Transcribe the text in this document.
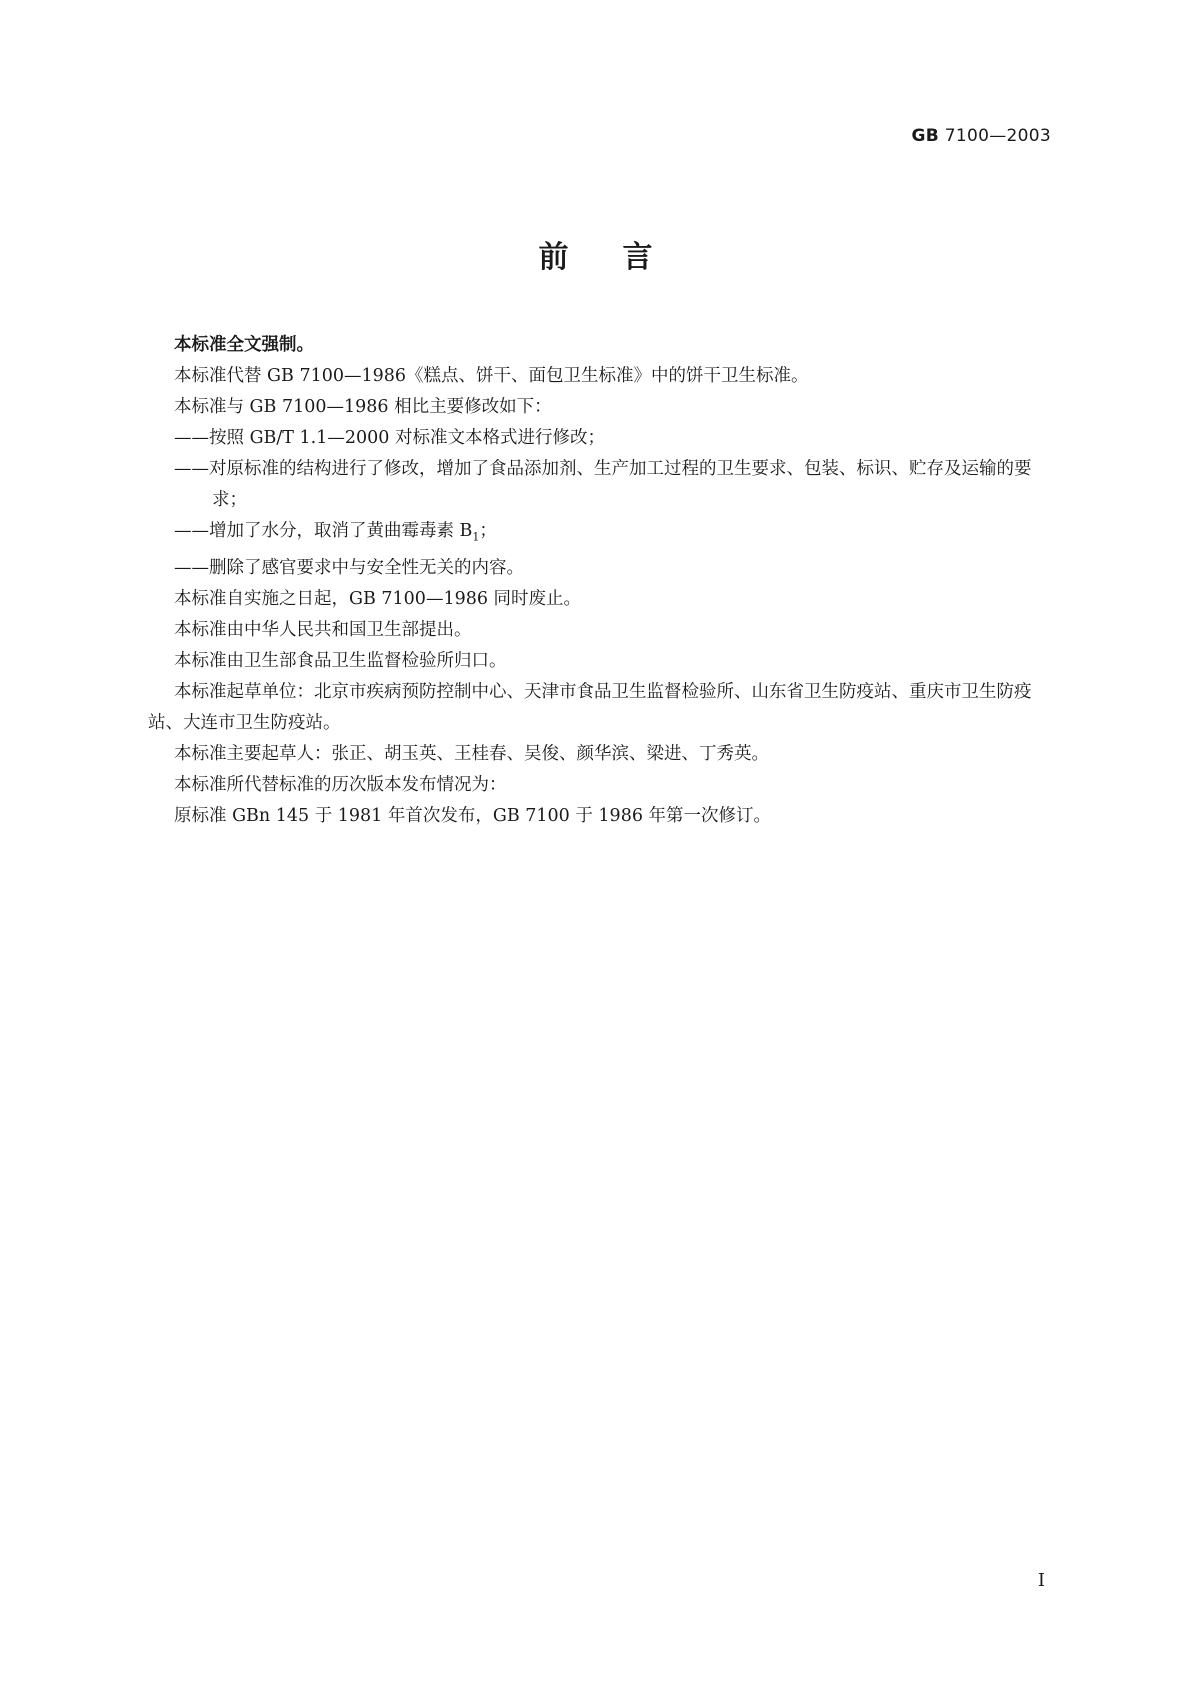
GB 7100—2003
前言

本标准全文强制。

本标准代替 GB 7100—1986《糕点、饼干、面包卫生标准》中的饼干卫生标准。

本标准与 GB 7100—1986 相比主要修改如下：

——按照 GB/T 1.1—2000 对标准文本格式进行修改；

——对原标准的结构进行了修改，增加了食品添加剂、生产加工过程的卫生要求、包装、标识、贮存及运输的要求；

——增加了水分，取消了黄曲霉毒素 $B_1$；

——删除了感官要求中与安全性无关的内容。

本标准自实施之日起，GB 7100—1986 同时废止。

本标准由中华人民共和国卫生部提出。

本标准由卫生部食品卫生监督检验所归口。

本标准起草单位：北京市疾病预防控制中心、天津市食品卫生监督检验所、山东省卫生防疫站、重庆市卫生防疫站、大连市卫生防疫站。

本标准主要起草人：张正、胡玉英、王桂春、吴俊、颜华滨、梁进、丁秀英。

本标准所代替标准的历次版本发布情况为：

原标准 GBn 145 于 1981 年首次发布，GB 7100 于 1986 年第一次修订。

I
